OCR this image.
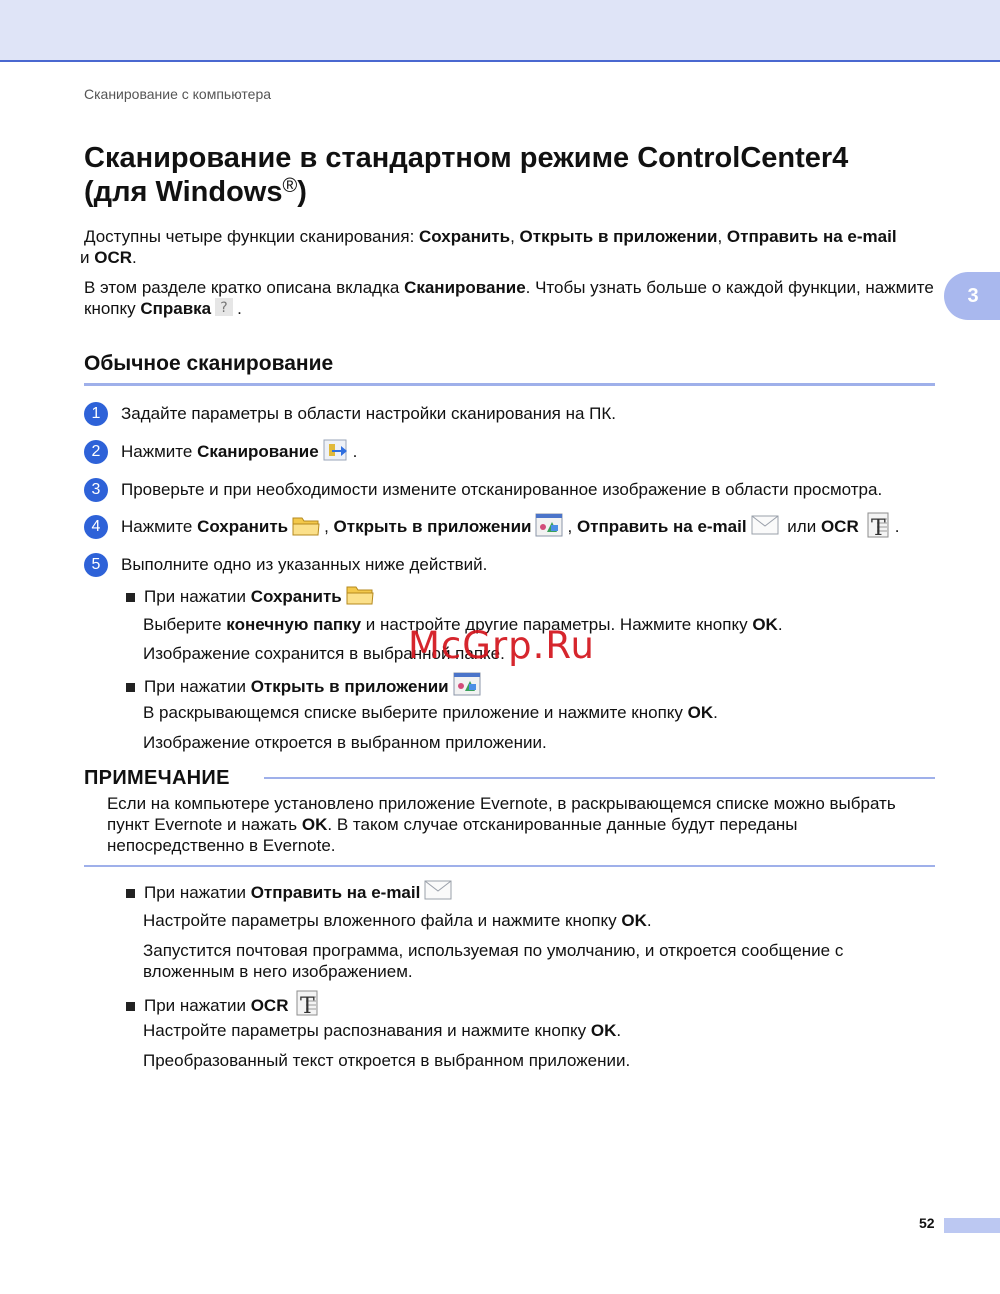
Сканирование с компьютера
Сканирование в стандартном режиме ControlCenter4
(для Windows®)

Доступны четыре функции сканирования: Сохранить, Открыть в приложении, Отправить на e-mail
и OCR.

В этом разделе кратко описана вкладка Сканирование. Чтобы узнать больше о каждой функции, нажмите кнопку Справка ? .

3
Обычное сканирование
1	Задайте параметры в области настройки сканирования на ПК.
2	Нажмите Сканирование .
3	Проверьте и при необходимости измените отсканированное изображение в области просмотра.
4	Нажмите Сохранить , Открыть в приложении , Отправить на e-mail или OCR T .
5	Выполните одно из указанных ниже действий.
При нажатии Сохранить

Выберите конечную папку и настройте другие параметры. Нажмите кнопку OK.

Изображение сохранится в выбранной папке.

При нажатии Открыть в приложении

В раскрывающемся списке выберите приложение и нажмите кнопку OK.

Изображение откроется в выбранном приложении.

ПРИМЕЧАНИЕ

Если на компьютере установлено приложение Evernote, в раскрывающемся списке можно выбрать пункт Evernote и нажать OK. В таком случае отсканированные данные будут переданы непосредственно в Evernote.

При нажатии Отправить на e-mail

Настройте параметры вложенного файла и нажмите кнопку OK.

Запустится почтовая программа, используемая по умолчанию, и откроется сообщение с вложенным в него изображением.

При нажатии OCR T

Настройте параметры распознавания и нажмите кнопку OK.

Преобразованный текст откроется в выбранном приложении.

McGrp.Ru
52
